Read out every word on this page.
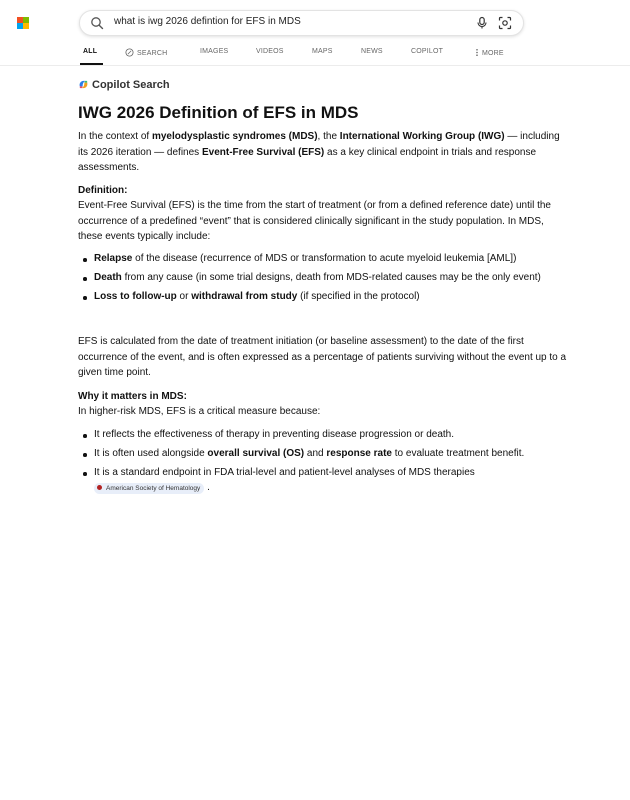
what is iwg 2026 defintion for EFS in MDS
ALL	SEARCH	IMAGES	VIDEOS	MAPS	NEWS	COPILOT	MORE
Copilot Search
IWG 2026 Definition of EFS in MDS
In the context of myelodysplastic syndromes (MDS), the International Working Group (IWG) — including its 2026 iteration — defines Event-Free Survival (EFS) as a key clinical endpoint in trials and response assessments.
Definition:
Event-Free Survival (EFS) is the time from the start of treatment (or from a defined reference date) until the occurrence of a predefined “event” that is considered clinically significant in the study population. In MDS, these events typically include:
Relapse of the disease (recurrence of MDS or transformation to acute myeloid leukemia [AML])
Death from any cause (in some trial designs, death from MDS-related causes may be the only event)
Loss to follow-up or withdrawal from study (if specified in the protocol)
EFS is calculated from the date of treatment initiation (or baseline assessment) to the date of the first occurrence of the event, and is often expressed as a percentage of patients surviving without the event up to a given time point.
Why it matters in MDS:
In higher-risk MDS, EFS is a critical measure because:
It reflects the effectiveness of therapy in preventing disease progression or death.
It is often used alongside overall survival (OS) and response rate to evaluate treatment benefit.
It is a standard endpoint in FDA trial-level and patient-level analyses of MDS therapies
American Society of Hematology .
